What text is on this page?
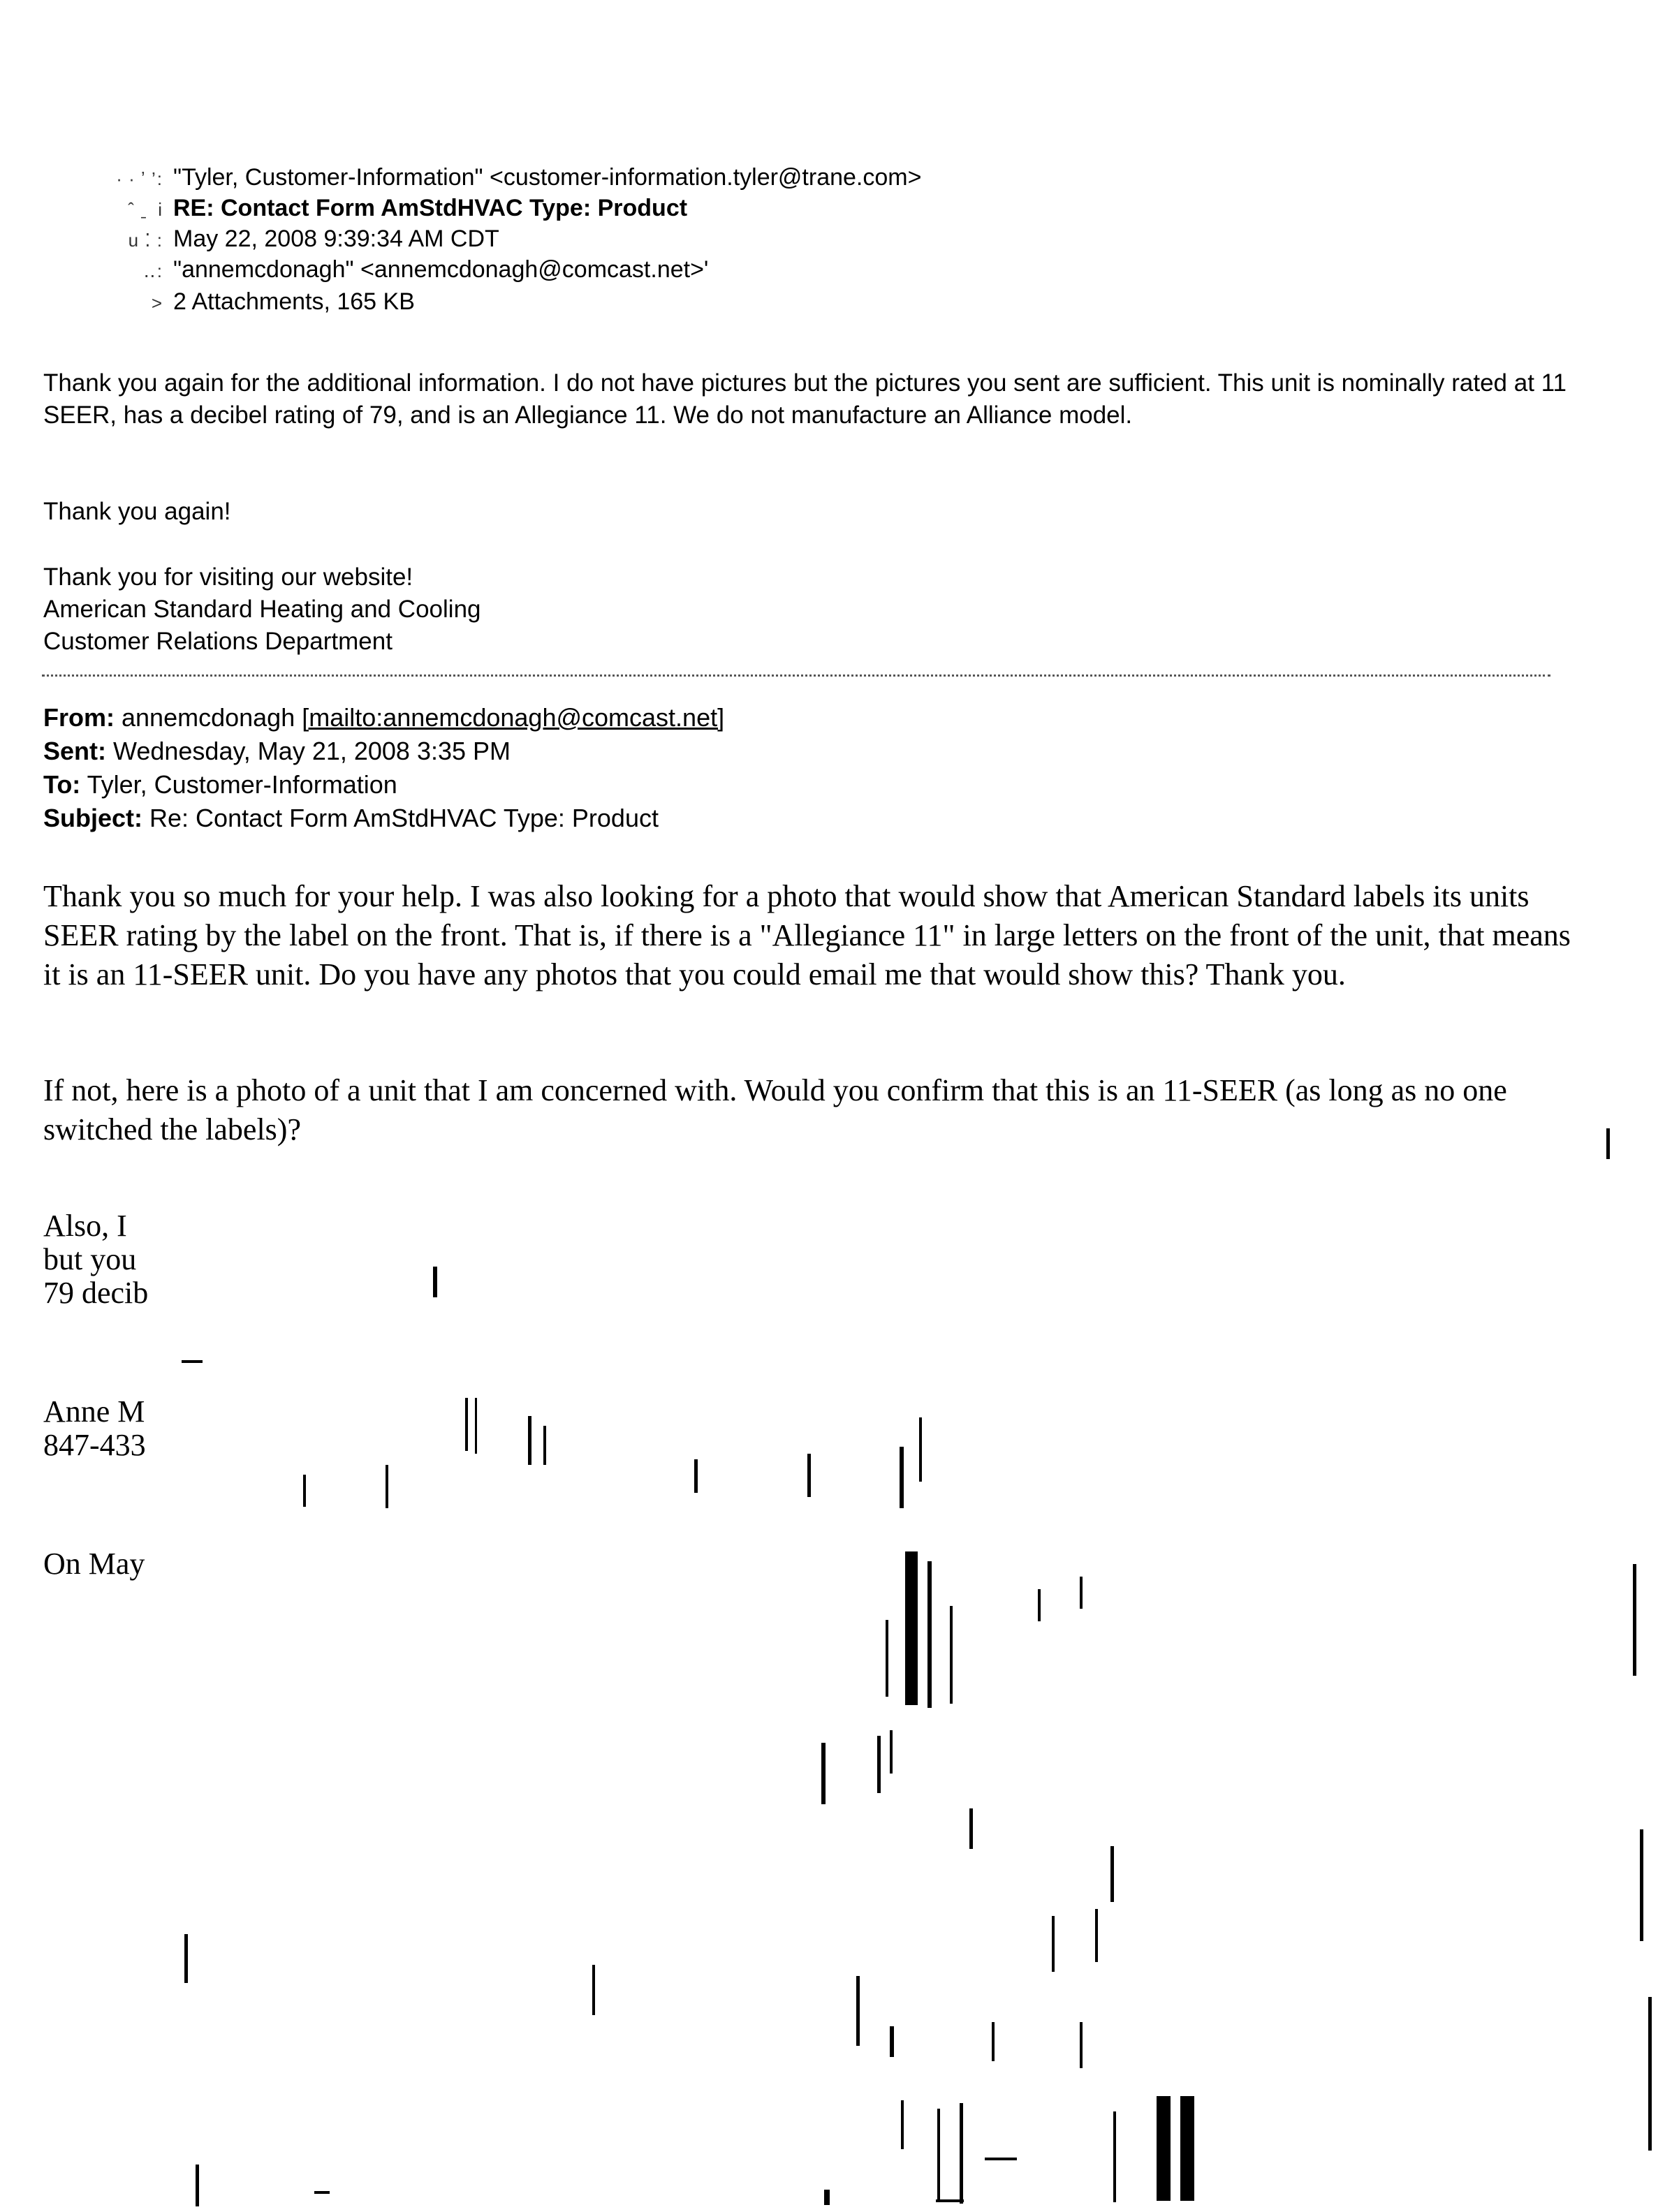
 · · ʼ ’: "Tyler, Customer-Information" <customer-information.tyler@trane.com>
ˆ ˍ  i RE: Contact Form AmStdHVAC Type: Product
u ⁚ : May 22, 2008 9:39:34 AM CDT
‥: "annemcdonagh" <annemcdonagh@comcast.net>'
˃ 2 Attachments, 165 KB
Thank you again for the additional information. I do not have pictures but the pictures you sent are sufficient. This unit is nominally rated at 11 SEER, has a decibel rating of 79, and is an Allegiance 11. We do not manufacture an Alliance model.
Thank you again!
Thank you for visiting our website!
American Standard Heating and Cooling
Customer Relations Department
From: annemcdonagh [mailto:annemcdonagh@comcast.net]
Sent: Wednesday, May 21, 2008 3:35 PM
To: Tyler, Customer-Information
Subject: Re: Contact Form AmStdHVAC Type: Product
Thank you so much for your help. I was also looking for a photo that would show that American Standard labels its units SEER rating by the label on the front. That is, if there is a "Allegiance 11" in large letters on the front of the unit, that means it is an 11-SEER unit. Do you have any photos that you could email me that would show this? Thank you.
If not, here is a photo of a unit that I am concerned with. Would you confirm that this is an 11-SEER (as long as no one switched the labels)?
Also, I
but you
79 decib
Anne M
847-433
On May
